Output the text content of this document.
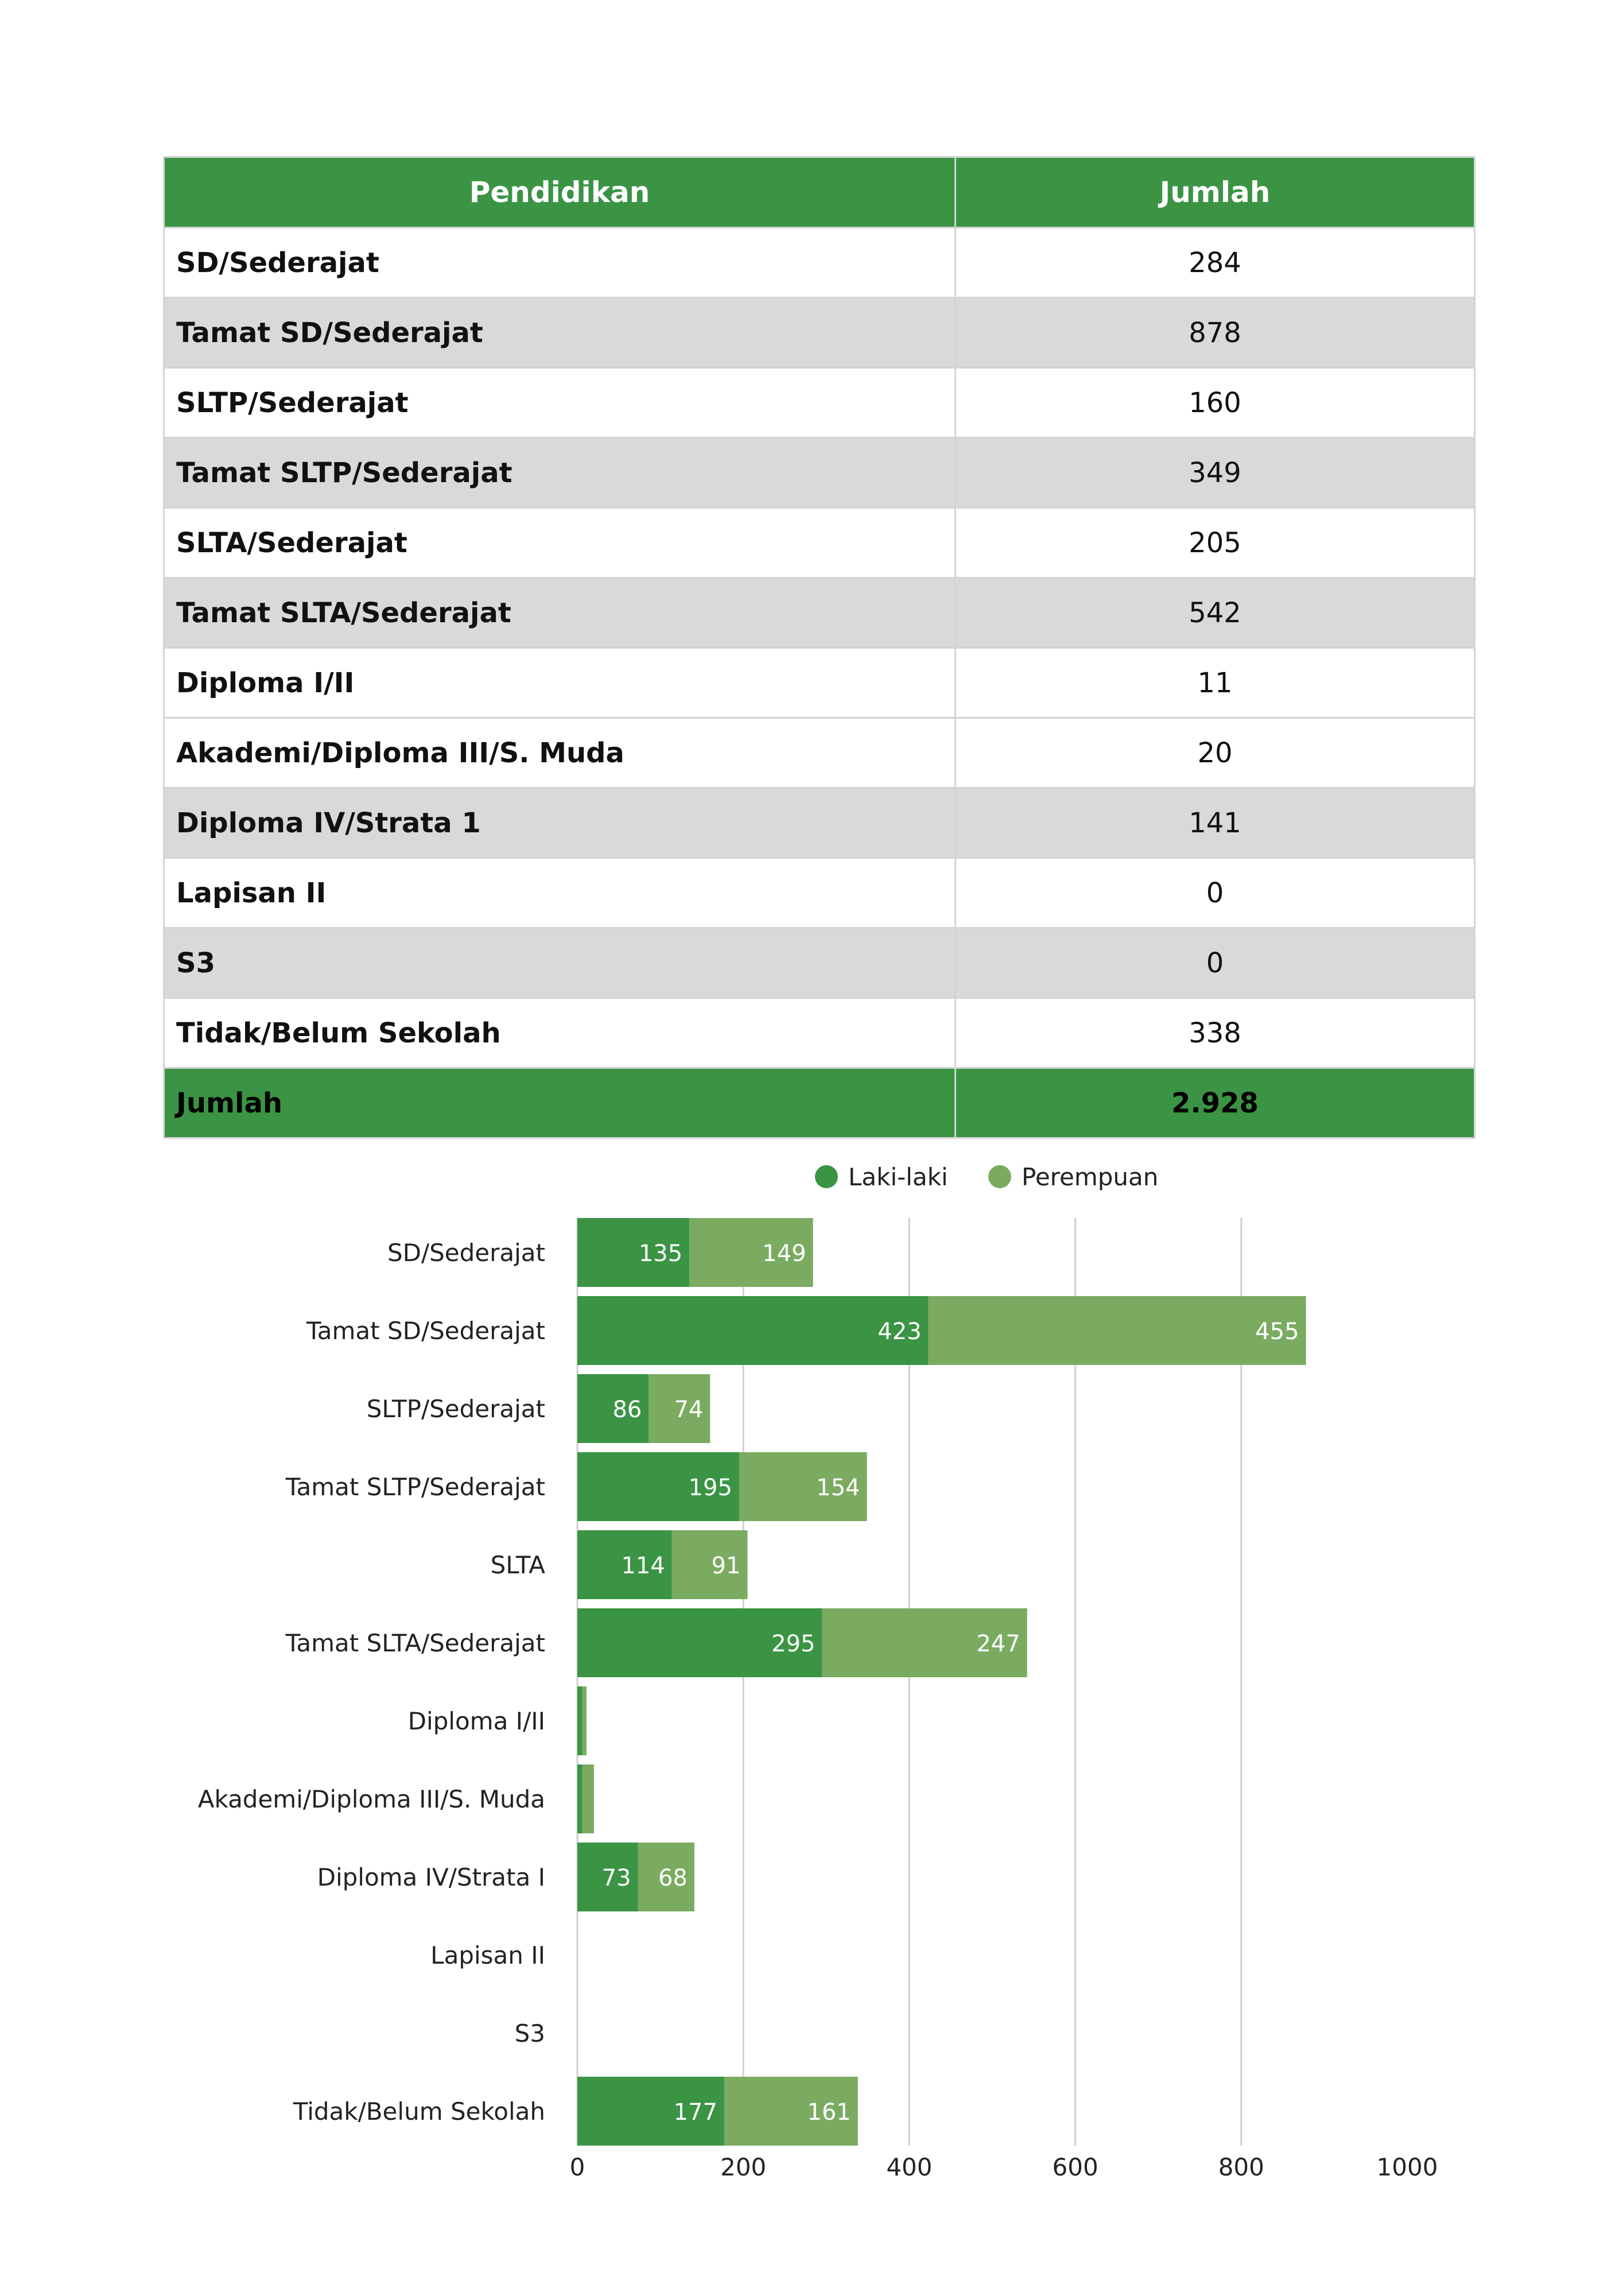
Pendidikan	Jumlah
SD/Sederajat	284
Tamat SD/Sederajat	878
SLTP/Sederajat	160
Tamat SLTP/Sederajat	349
SLTA/Sederajat	205
Tamat SLTA/Sederajat	542
Diploma I/II	11
Akademi/Diploma III/S. Muda	20
Diploma IV/Strata 1	141
Lapisan II	0
S3	0
Tidak/Belum Sekolah	338
Jumlah	2.928
Laki-laki	Perempuan
135	149
423	455
86 74
195	154
114 91
295	247
73 68
177	161
SD/Sederajat
Tamat SD/Sederajat
SLTP/Sederajat
Tamat SLTP/Sederajat
SLTA
Tamat SLTA/Sederajat
Diploma I/II
Akademi/Diploma III/S. Muda
Diploma IV/Strata I
Lapisan II
S3
Tidak/Belum Sekolah
0	200	400	600	800	1000
